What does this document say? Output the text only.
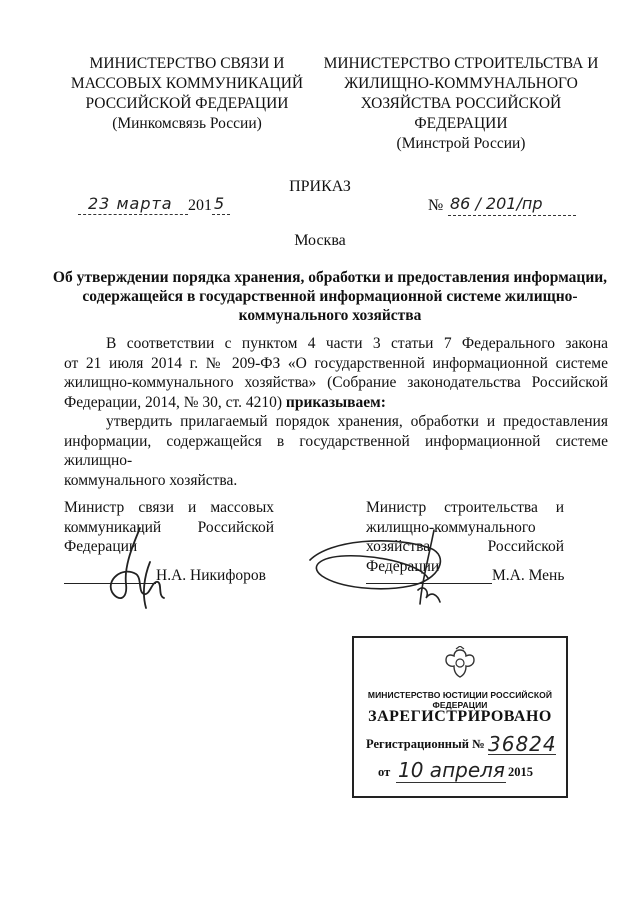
МИНИСТЕРСТВО СВЯЗИ И
МАССОВЫХ КОММУНИКАЦИЙ
РОССИЙСКОЙ ФЕДЕРАЦИИ
(Минкомсвязь России)
МИНИСТЕРСТВО СТРОИТЕЛЬСТВА И
ЖИЛИЩНО-КОММУНАЛЬНОГО
ХОЗЯЙСТВА РОССИЙСКОЙ
ФЕДЕРАЦИИ
(Минстрой России)
ПРИКАЗ
23 марта 201 5	№ 86 / 201/пр
Москва
Об утверждении порядка хранения, обработки и предоставления информации,
содержащейся в государственной информационной системе жилищно-
коммунального хозяйства
В соответствии с пунктом 4 части 3 статьи 7 Федерального закона
от 21 июля 2014 г. № 209-ФЗ «О государственной информационной системе
жилищно-коммунального хозяйства» (Собрание законодательства Российской
Федерации, 2014, № 30, ст. 4210) приказываем:
утвердить прилагаемый порядок хранения, обработки и предоставления
информации, содержащейся в государственной информационной системе жилищно-
коммунального хозяйства.
Министр связи и массовых
коммуникаций Российской
Федерации
Н.А. Никифоров
Министр строительства и
жилищно-коммунального
хозяйства Российской
Федерации
М.А. Мень
МИНИСТЕРСТВО ЮСТИЦИИ РОССИЙСКОЙ ФЕДЕРАЦИИ
ЗАРЕГИСТРИРОВАНО
Регистрационный № 36824
от 10 апреля 2015
